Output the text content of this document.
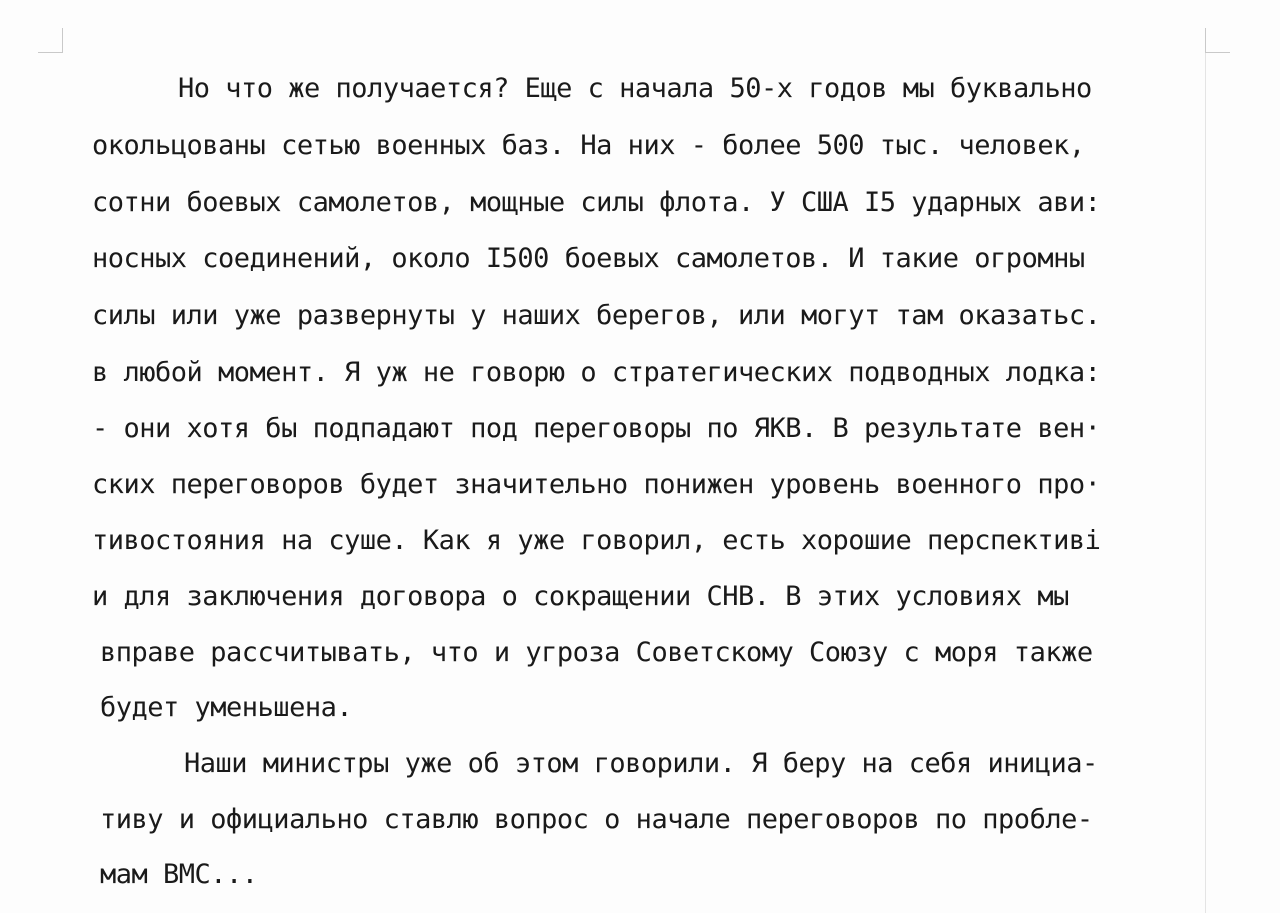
Но что же получается? Еще с начала 50-х годов мы буквально
окольцованы сетью военных баз. На них - более 500 тыс. человек,
сотни боевых самолетов, мощные силы флота. У США I5 ударных ави:
носных соединений, около I500 боевых самолетов. И такие огромны
силы или уже развернуты у наших берегов, или могут там оказатьс.
в любой момент. Я уж не говорю о стратегических подводных лодка:
- они хотя бы подпадают под переговоры по ЯКВ. В результате вен·
ских переговоров будет значительно понижен уровень военного про·
тивостояния на суше. Как я уже говорил, есть хорошие перспективі
и для заключения договора о сокращении СНВ. В этих условиях мы
вправе рассчитывать, что и угроза Советскому Союзу с моря также
будет уменьшена.
Наши министры уже об этом говорили. Я беру на себя инициа-
тиву и официально ставлю вопрос о начале переговоров по пробле-
мам ВМС...
